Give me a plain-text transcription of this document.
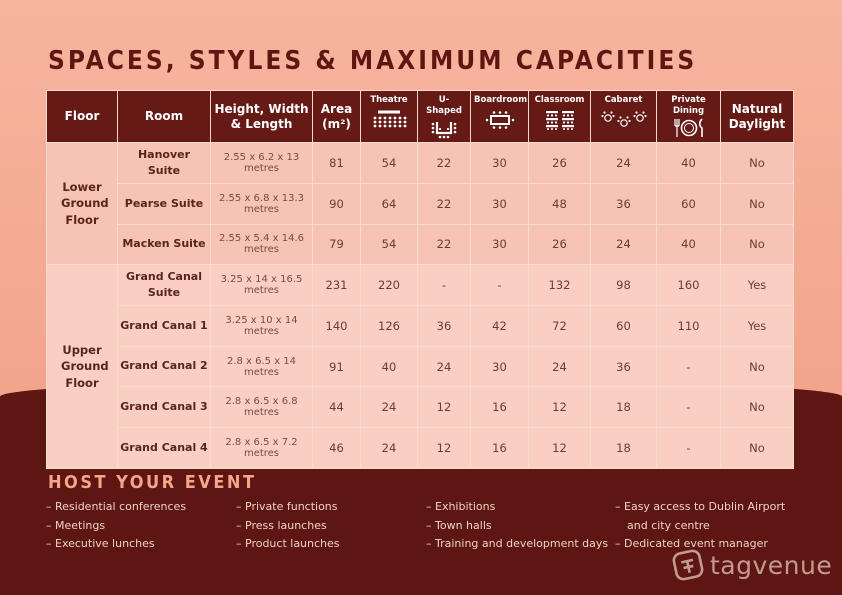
SPACES, STYLES & MAXIMUM CAPACITIES
Floor	Room	Height, Width & Length	Area (m²)	Theatre	U-Shaped	Boardroom	Classroom	Cabaret	Private Dining	Natural Daylight
Lower Ground Floor	Hanover Suite	2.55 x 6.2 x 13 metres	81	54	22	30	26	24	40	No
	Pearse Suite	2.55 x 6.8 x 13.3 metres	90	64	22	30	48	36	60	No
	Macken Suite	2.55 x 5.4 x 14.6 metres	79	54	22	30	26	24	40	No
Upper Ground Floor	Grand Canal Suite	3.25 x 14 x 16.5 metres	231	220	-	-	132	98	160	Yes
	Grand Canal 1	3.25 x 10 x 14 metres	140	126	36	42	72	60	110	Yes
	Grand Canal 2	2.8 x 6.5 x 14 metres	91	40	24	30	24	36	-	No
	Grand Canal 3	2.8 x 6.5 x 6.8 metres	44	24	12	16	12	18	-	No
	Grand Canal 4	2.8 x 6.5 x 7.2 metres	46	24	12	16	12	18	-	No
HOST YOUR EVENT
– Residential conferences
– Meetings
– Executive lunches
– Private functions
– Press launches
– Product launches
– Exhibitions
– Town halls
– Training and development days
– Easy access to Dublin Airport
and city centre
– Dedicated event manager
tagvenue
